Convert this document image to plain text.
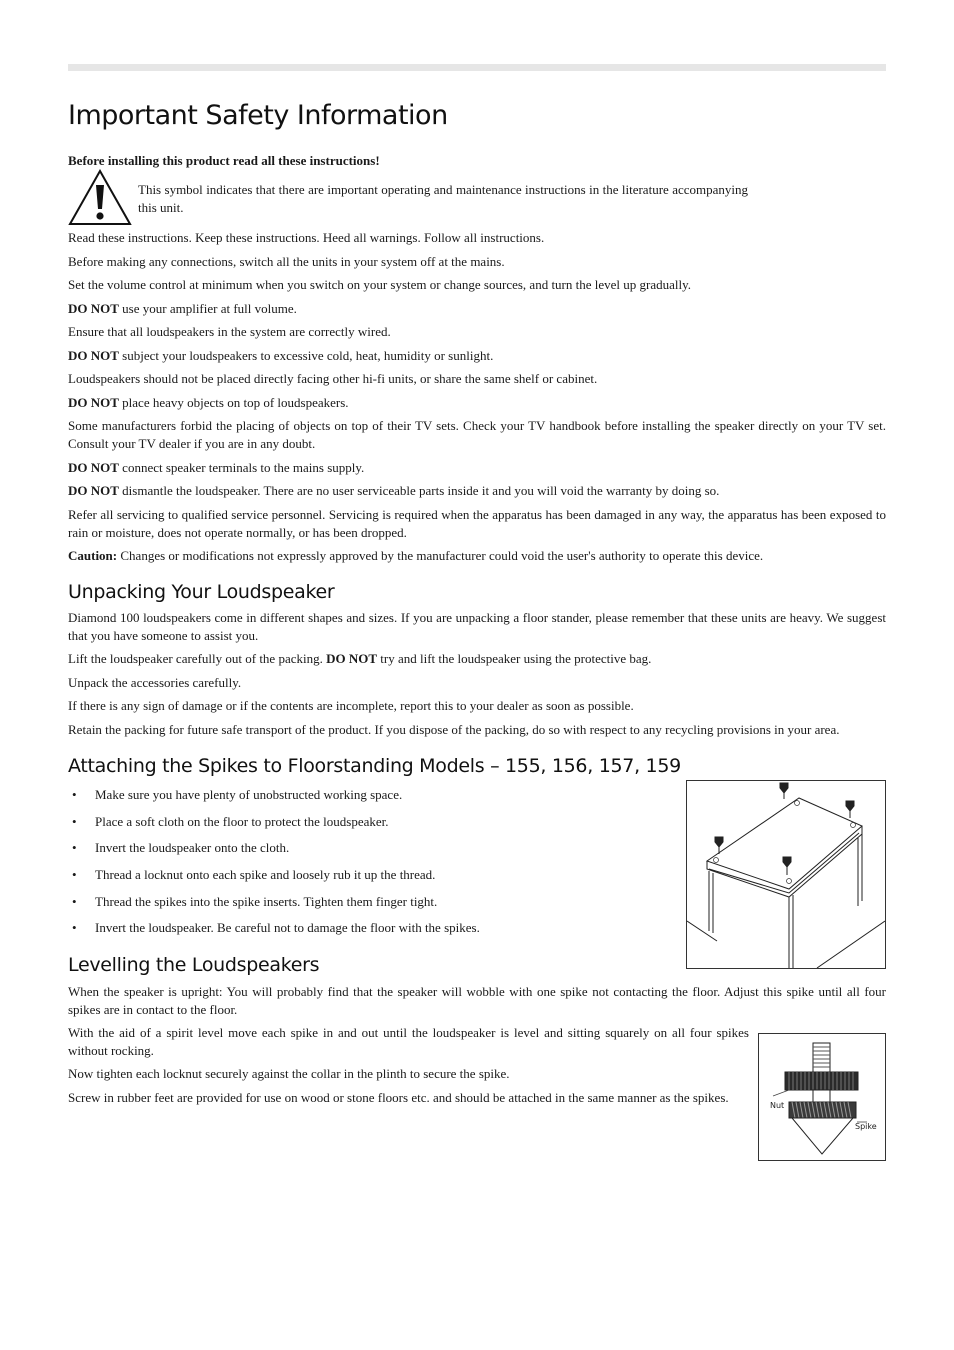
Important Safety Information

Before installing this product read all these instructions!

This symbol indicates that there are important operating and maintenance instructions in the literature accompanying this unit.

Read these instructions. Keep these instructions. Heed all warnings. Follow all instructions.

Before making any connections, switch all the units in your system off at the mains.

Set the volume control at minimum when you switch on your system or change sources, and turn the level up gradually.

DO NOT use your amplifier at full volume.

Ensure that all loudspeakers in the system are correctly wired.

DO NOT subject your loudspeakers to excessive cold, heat, humidity or sunlight.

Loudspeakers should not be placed directly facing other hi-fi units, or share the same shelf or cabinet.

DO NOT place heavy objects on top of loudspeakers.

Some manufacturers forbid the placing of objects on top of their TV sets. Check your TV handbook before installing the speaker directly on your TV set. Consult your TV dealer if you are in any doubt.

DO NOT connect speaker terminals to the mains supply.

DO NOT dismantle the loudspeaker. There are no user serviceable parts inside it and you will void the warranty by doing so.

Refer all servicing to qualified service personnel. Servicing is required when the apparatus has been damaged in any way, the apparatus has been exposed to rain or moisture, does not operate normally, or has been dropped.

Caution: Changes or modifications not expressly approved by the manufacturer could void the user's authority to operate this device.

Unpacking Your Loudspeaker

Diamond 100 loudspeakers come in different shapes and sizes. If you are unpacking a floor stander, please remember that these units are heavy. We suggest that you have someone to assist you.

Lift the loudspeaker carefully out of the packing. DO NOT try and lift the loudspeaker using the protective bag.

Unpack the accessories carefully.

If there is any sign of damage or if the contents are incomplete, report this to your dealer as soon as possible.

Retain the packing for future safe transport of the product. If you dispose of the packing, do so with respect to any recycling provisions in your area.

Attaching the Spikes to Floorstanding Models – 155, 156, 157, 159
• Make sure you have plenty of unobstructed working space.
• Place a soft cloth on the floor to protect the loudspeaker.
• Invert the loudspeaker onto the cloth.
• Thread a locknut onto each spike and loosely rub it up the thread.
• Thread the spikes into the spike inserts. Tighten them finger tight.
• Invert the loudspeaker. Be careful not to damage the floor with the spikes.
Levelling the Loudspeakers

When the speaker is upright: You will probably find that the speaker will wobble with one spike not contacting the floor. Adjust this spike until all four spikes are in contact to the floor.

With the aid of a spirit level move each spike in and out until the loudspeaker is level and sitting squarely on all four spikes without rocking.

Now tighten each locknut securely against the collar in the plinth to secure the spike.

Screw in rubber feet are provided for use on wood or stone floors etc. and should be attached in the same manner as the spikes.

Nut
Spike
